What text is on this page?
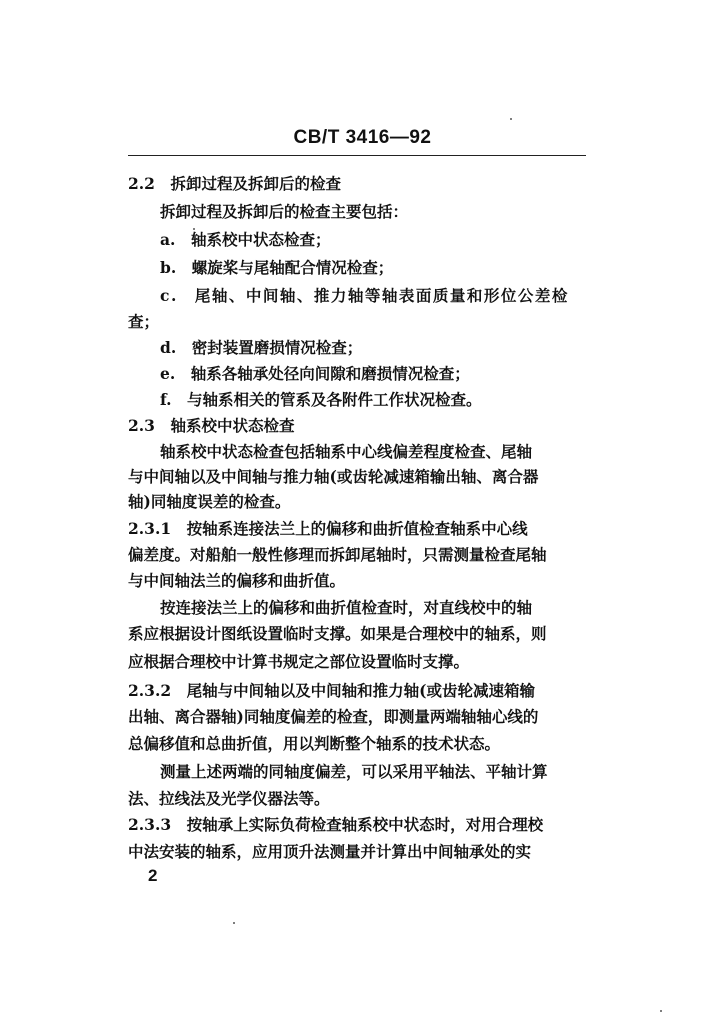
CB/T 3416—92
2.2　拆卸过程及拆卸后的检查
拆卸过程及拆卸后的检查主要包括：
a.　轴系校中状态检查；
b.　螺旋桨与尾轴配合情况检查；
c.　尾轴、中间轴、推力轴等轴表面质量和形位公差检
查；
d.　密封装置磨损情况检查；
e.　轴系各轴承处径向间隙和磨损情况检查；
f.　与轴系相关的管系及各附件工作状况检查。
2.3　轴系校中状态检查
轴系校中状态检查包括轴系中心线偏差程度检查、尾轴
与中间轴以及中间轴与推力轴(或齿轮减速箱输出轴、离合器
轴)同轴度误差的检查。
2.3.1　按轴系连接法兰上的偏移和曲折值检查轴系中心线
偏差度。对船舶一般性修理而拆卸尾轴时，只需测量检查尾轴
与中间轴法兰的偏移和曲折值。
按连接法兰上的偏移和曲折值检查时，对直线校中的轴
系应根据设计图纸设置临时支撑。如果是合理校中的轴系，则
应根据合理校中计算书规定之部位设置临时支撑。
2.3.2　尾轴与中间轴以及中间轴和推力轴(或齿轮减速箱输
出轴、离合器轴)同轴度偏差的检查，即测量两端轴轴心线的
总偏移值和总曲折值，用以判断整个轴系的技术状态。
测量上述两端的同轴度偏差，可以采用平轴法、平轴计算
法、拉线法及光学仪器法等。
2.3.3　按轴承上实际负荷检查轴系校中状态时，对用合理校
中法安装的轴系，应用顶升法测量并计算出中间轴承处的实
2
